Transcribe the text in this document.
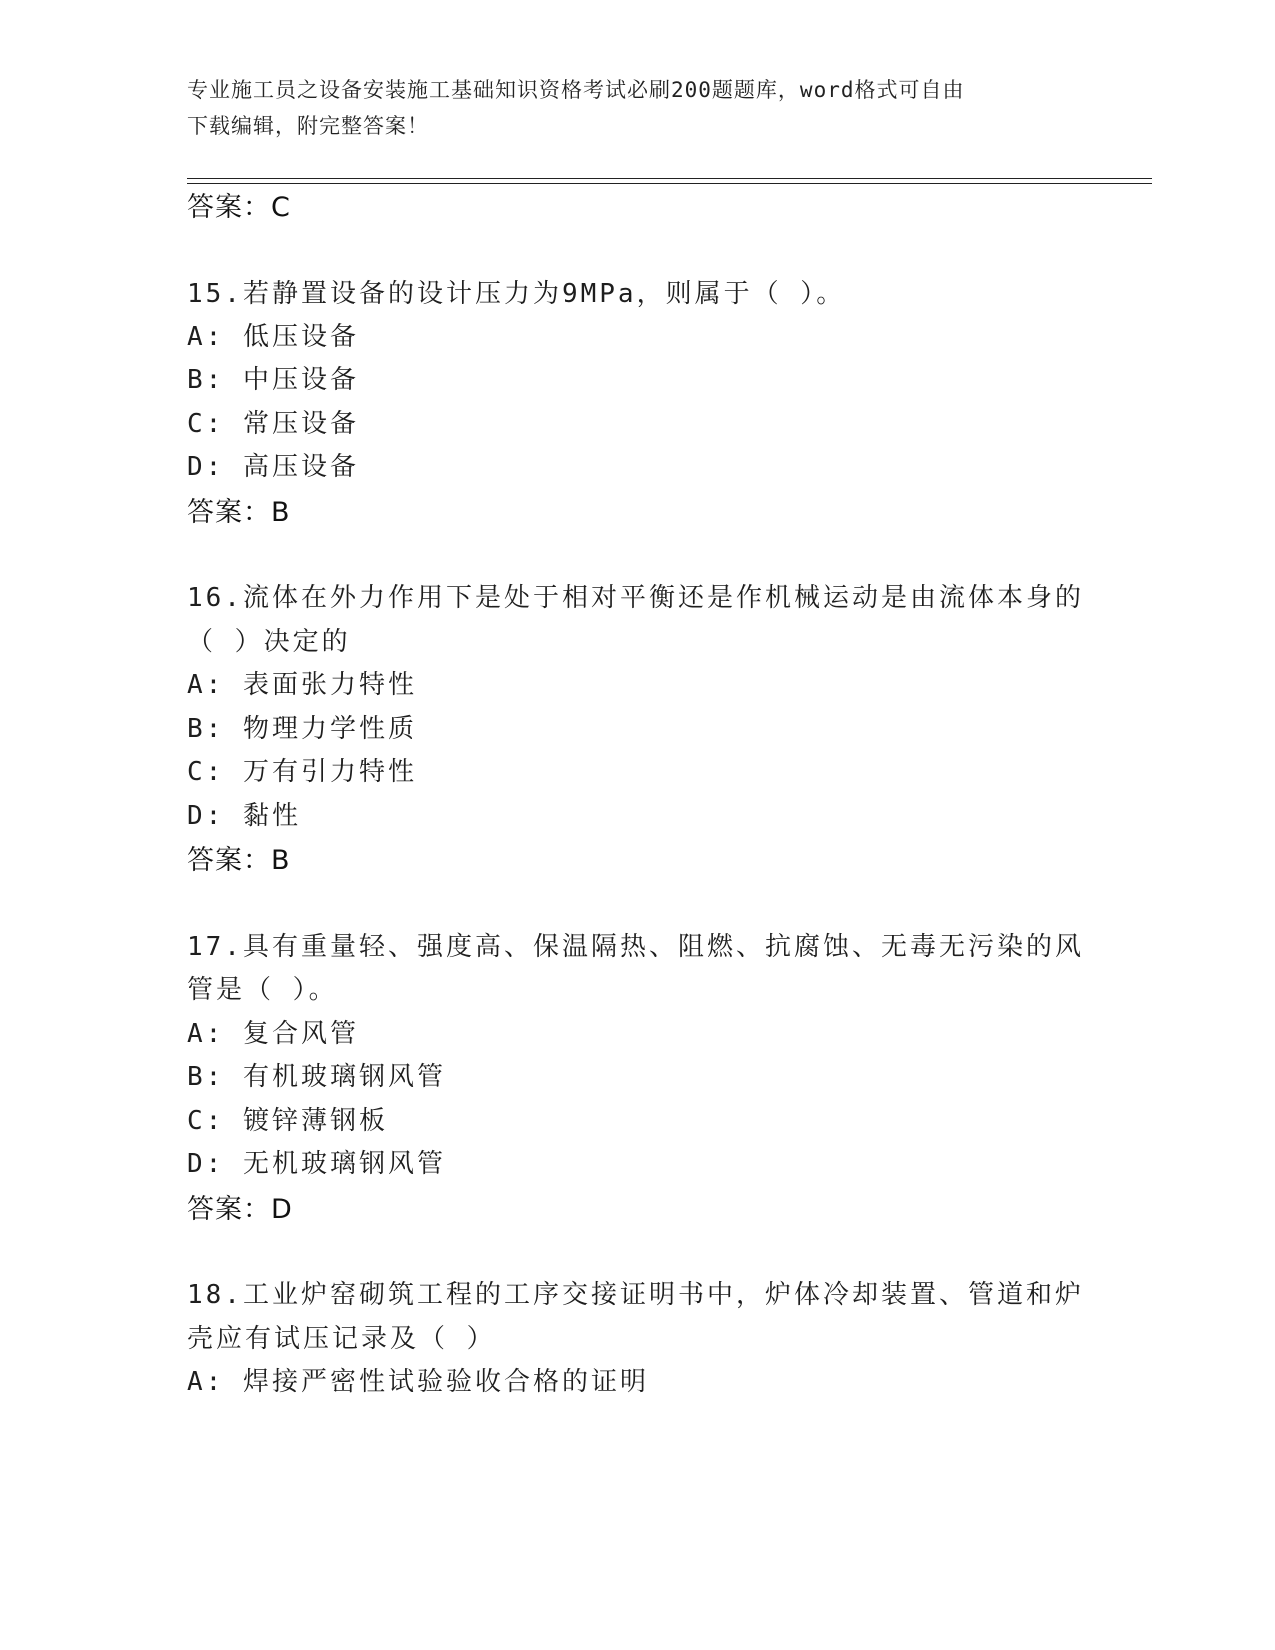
专业施工员之设备安装施工基础知识资格考试必刷200题题库，word格式可自由
下载编辑，附完整答案！
答案：C
15.若静置设备的设计压力为9MPa，则属于（ ）。
A: 低压设备
B: 中压设备
C: 常压设备
D: 高压设备
答案：B
16.流体在外力作用下是处于相对平衡还是作机械运动是由流体本身的
（ ）决定的
A: 表面张力特性
B: 物理力学性质
C: 万有引力特性
D: 黏性
答案：B
17.具有重量轻、强度高、保温隔热、阻燃、抗腐蚀、无毒无污染的风
管是（ ）。
A: 复合风管
B: 有机玻璃钢风管
C: 镀锌薄钢板
D: 无机玻璃钢风管
答案：D
18.工业炉窑砌筑工程的工序交接证明书中，炉体冷却装置、管道和炉
壳应有试压记录及（ ）
A: 焊接严密性试验验收合格的证明
